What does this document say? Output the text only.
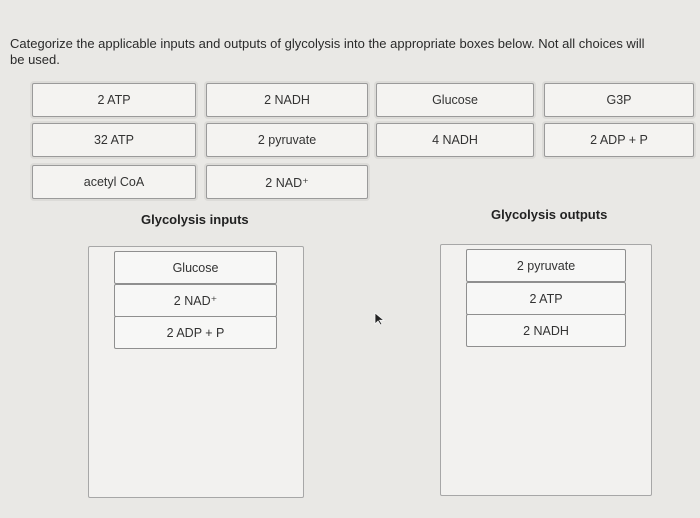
Categorize the applicable inputs and outputs of glycolysis into the appropriate boxes below. Not all choices will be used.
2 ATP	2 NADH	Glucose	G3P
32 ATP	2 pyruvate	4 NADH	2 ADP + P
acetyl CoA	2 NAD⁺
Glycolysis inputs	Glycolysis outputs
Glucose
2 NAD⁺
2 ADP + P
2 pyruvate
2 ATP
2 NADH
